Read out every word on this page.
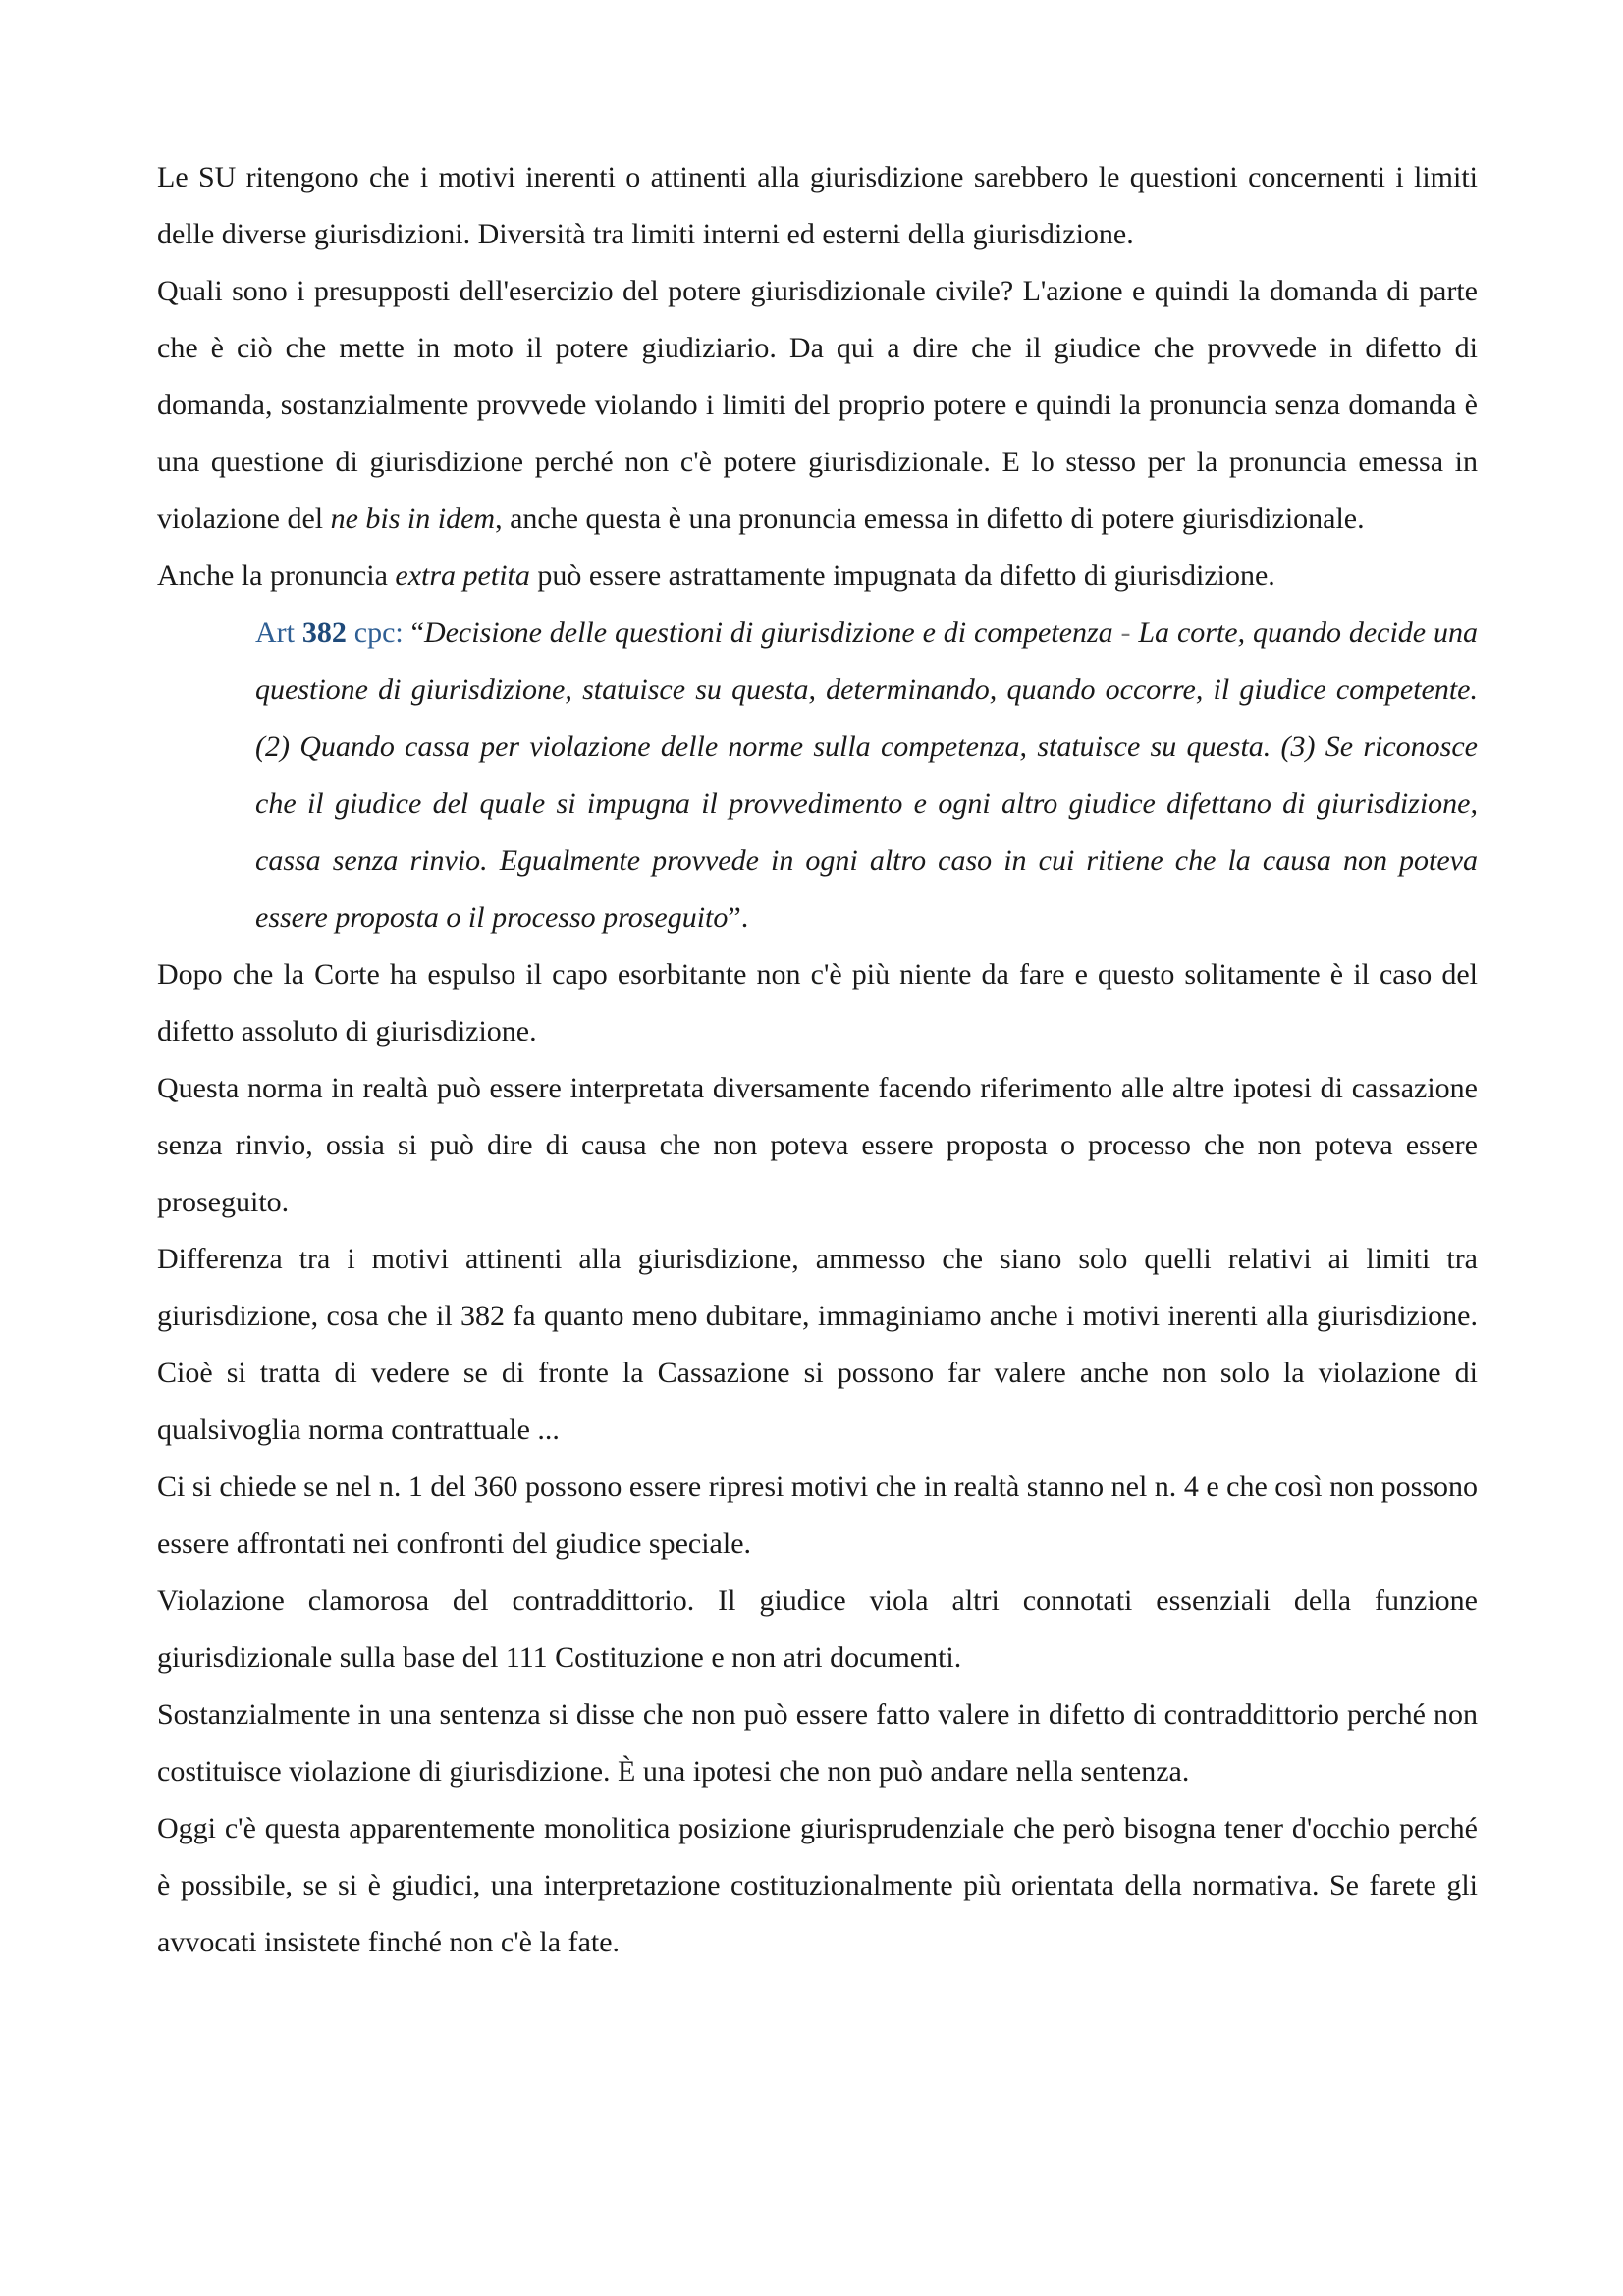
Le SU ritengono che i motivi inerenti o attinenti alla giurisdizione sarebbero le questioni concernenti i limiti delle diverse giurisdizioni. Diversità tra limiti interni ed esterni della giurisdizione.

Quali sono i presupposti dell'esercizio del potere giurisdizionale civile? L'azione e quindi la domanda di parte che è ciò che mette in moto il potere giudiziario. Da qui a dire che il giudice che provvede in difetto di domanda, sostanzialmente provvede violando i limiti del proprio potere e quindi la pronuncia senza domanda è una questione di giurisdizione perché non c'è potere giurisdizionale. E lo stesso per la pronuncia emessa in violazione del ne bis in idem, anche questa è una pronuncia emessa in difetto di potere giurisdizionale.

Anche la pronuncia extra petita può essere astrattamente impugnata da difetto di giurisdizione.

Art 382 cpc: “Decisione delle questioni di giurisdizione e di competenza - La corte, quando decide una questione di giurisdizione, statuisce su questa, determinando, quando occorre, il giudice competente. (2) Quando cassa per violazione delle norme sulla competenza, statuisce su questa. (3) Se riconosce che il giudice del quale si impugna il provvedimento e ogni altro giudice difettano di giurisdizione, cassa senza rinvio. Egualmente provvede in ogni altro caso in cui ritiene che la causa non poteva essere proposta o il processo proseguito”.

Dopo che la Corte ha espulso il capo esorbitante non c'è più niente da fare e questo solitamente è il caso del difetto assoluto di giurisdizione.

Questa norma in realtà può essere interpretata diversamente facendo riferimento alle altre ipotesi di cassazione senza rinvio, ossia si può dire di causa che non poteva essere proposta o processo che non poteva essere proseguito.

Differenza tra i motivi attinenti alla giurisdizione, ammesso che siano solo quelli relativi ai limiti tra giurisdizione, cosa che il 382 fa quanto meno dubitare, immaginiamo anche i motivi inerenti alla giurisdizione. Cioè si tratta di vedere se di fronte la Cassazione si possono far valere anche non solo la violazione di qualsivoglia norma contrattuale ...

Ci si chiede se nel n. 1 del 360 possono essere ripresi motivi che in realtà stanno nel n. 4 e che così non possono essere affrontati nei confronti del giudice speciale.

Violazione clamorosa del contraddittorio. Il giudice viola altri connotati essenziali della funzione giurisdizionale sulla base del 111 Costituzione e non atri documenti.

Sostanzialmente in una sentenza si disse che non può essere fatto valere in difetto di contraddittorio perché non costituisce violazione di giurisdizione. È una ipotesi che non può andare nella sentenza.

Oggi c'è questa apparentemente monolitica posizione giurisprudenziale che però bisogna tener d'occhio perché è possibile, se si è giudici, una interpretazione costituzionalmente più orientata della normativa. Se farete gli avvocati insistete finché non c'è la fate.
